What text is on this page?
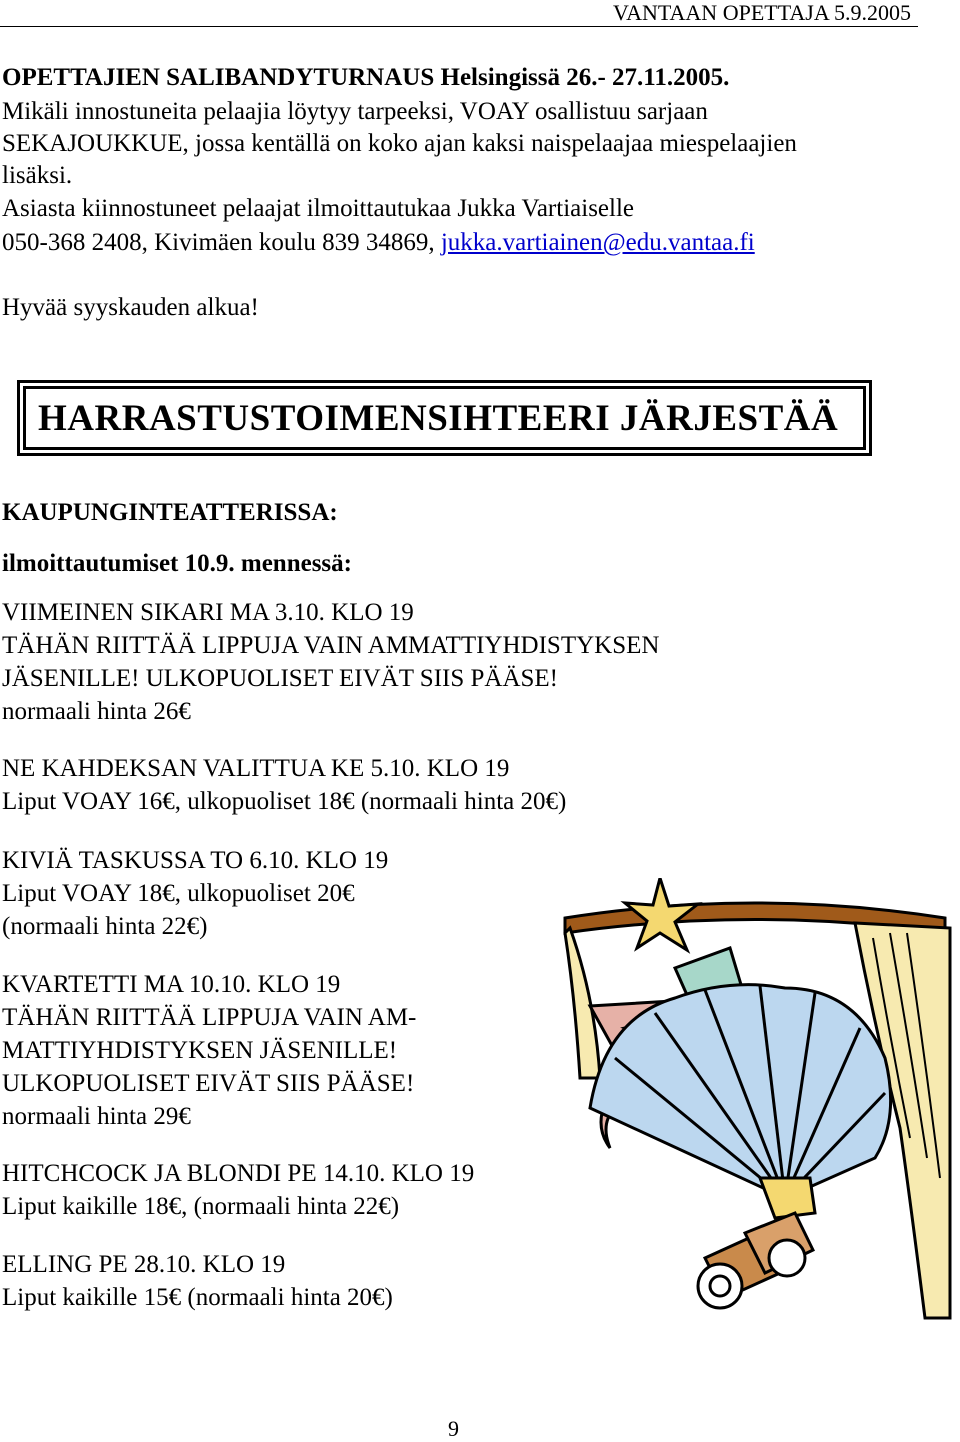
VANTAAN OPETTAJA 5.9.2005

OPETTAJIEN SALIBANDYTURNAUS Helsingissä 26.- 27.11.2005.

Mikäli innostuneita pelaajia löytyy tarpeeksi, VOAY osallistuu sarjaan

SEKAJOUKKUE, jossa kentällä on koko ajan kaksi naispelaajaa miespelaajien

lisäksi.

Asiasta kiinnostuneet pelaajat ilmoittautukaa Jukka Vartiaiselle

050-368 2408, Kivimäen koulu 839 34869, jukka.vartiainen@edu.vantaa.fi

Hyvää syyskauden alkua!

HARRASTUSTOIMENSIHTEERI JÄRJESTÄÄ

KAUPUNGINTEATTERISSA:

ilmoittautumiset 10.9. mennessä:

VIIMEINEN SIKARI MA 3.10. KLO 19

TÄHÄN RIITTÄÄ LIPPUJA VAIN AMMATTIYHDISTYKSEN

JÄSENILLE! ULKOPUOLISET EIVÄT SIIS PÄÄSE!

normaali hinta 26€

NE KAHDEKSAN VALITTUA KE 5.10. KLO 19

Liput VOAY 16€, ulkopuoliset 18€ (normaali hinta 20€)

KIVIÄ TASKUSSA TO 6.10. KLO 19

Liput VOAY 18€, ulkopuoliset 20€

(normaali hinta 22€)

KVARTETTI MA 10.10. KLO 19

TÄHÄN RIITTÄÄ LIPPUJA VAIN AM-

MATTIYHDISTYKSEN JÄSENILLE!

ULKOPUOLISET EIVÄT SIIS PÄÄSE!

normaali hinta 29€

HITCHCOCK JA BLONDI PE 14.10. KLO 19

Liput kaikille 18€, (normaali hinta 22€)

ELLING PE 28.10. KLO 19

Liput kaikille 15€ (normaali hinta 20€)

9
